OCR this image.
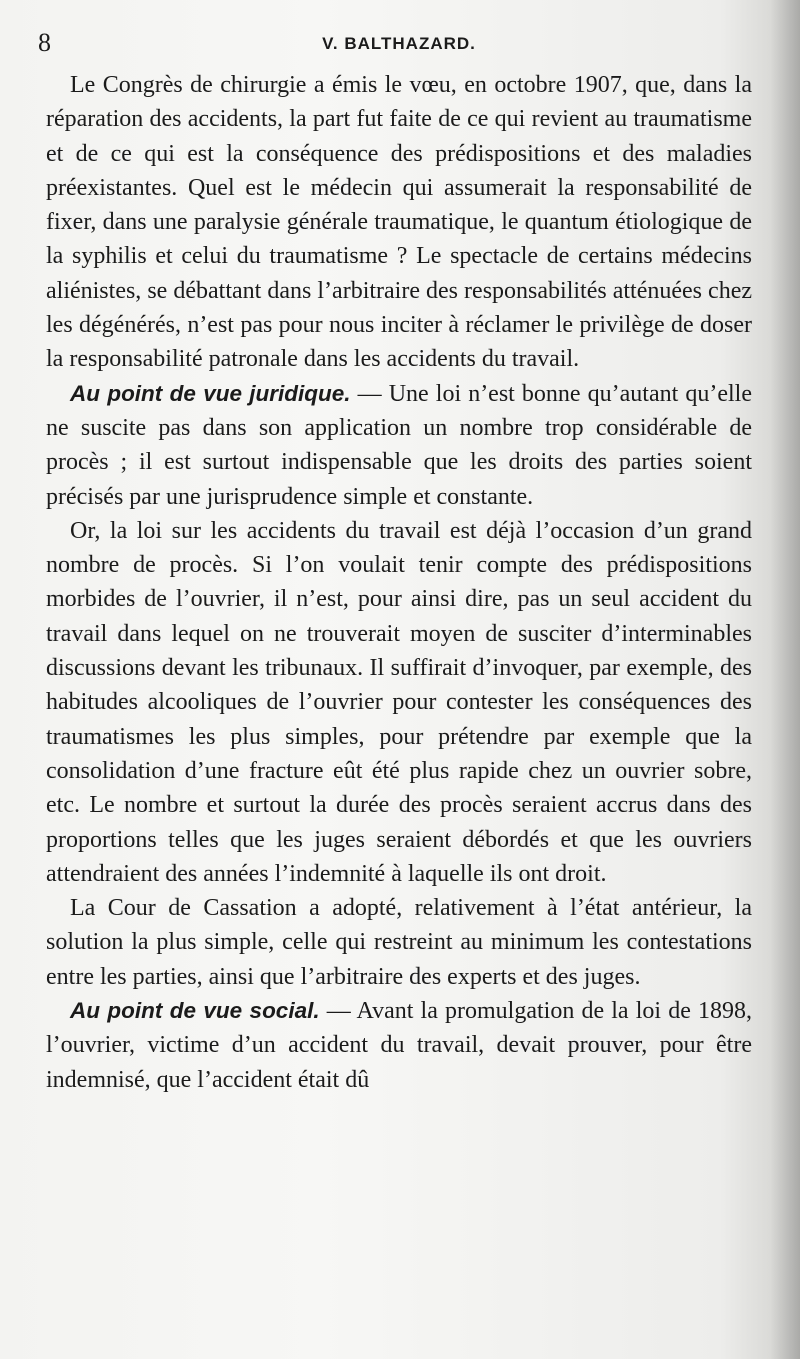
8	V. BALTHAZARD.

Le Congrès de chirurgie a émis le vœu, en octobre 1907, que, dans la réparation des accidents, la part fut faite de ce qui revient au traumatisme et de ce qui est la conséquence des prédispositions et des maladies préexistantes. Quel est le médecin qui assumerait la responsabilité de fixer, dans une paralysie générale traumatique, le quantum étiologique de la syphilis et celui du traumatisme ? Le spectacle de certains médecins aliénistes, se débattant dans l’arbitraire des responsabilités atténuées chez les dégénérés, n’est pas pour nous inciter à réclamer le privilège de doser la responsabilité patronale dans les accidents du travail.

Au point de vue juridique. — Une loi n’est bonne qu’autant qu’elle ne suscite pas dans son application un nombre trop considérable de procès ; il est surtout indispensable que les droits des parties soient précisés par une jurisprudence simple et constante.

Or, la loi sur les accidents du travail est déjà l’occasion d’un grand nombre de procès. Si l’on voulait tenir compte des prédispositions morbides de l’ouvrier, il n’est, pour ainsi dire, pas un seul accident du travail dans lequel on ne trouverait moyen de susciter d’interminables discussions devant les tribunaux. Il suffirait d’invoquer, par exemple, des habitudes alcooliques de l’ouvrier pour contester les conséquences des traumatismes les plus simples, pour prétendre par exemple que la consolidation d’une fracture eût été plus rapide chez un ouvrier sobre, etc. Le nombre et surtout la durée des procès seraient accrus dans des proportions telles que les juges seraient débordés et que les ouvriers attendraient des années l’indemnité à laquelle ils ont droit.

La Cour de Cassation a adopté, relativement à l’état antérieur, la solution la plus simple, celle qui restreint au minimum les contestations entre les parties, ainsi que l’arbitraire des experts et des juges.

Au point de vue social. — Avant la promulgation de la loi de 1898, l’ouvrier, victime d’un accident du travail, devait prouver, pour être indemnisé, que l’accident était dû
